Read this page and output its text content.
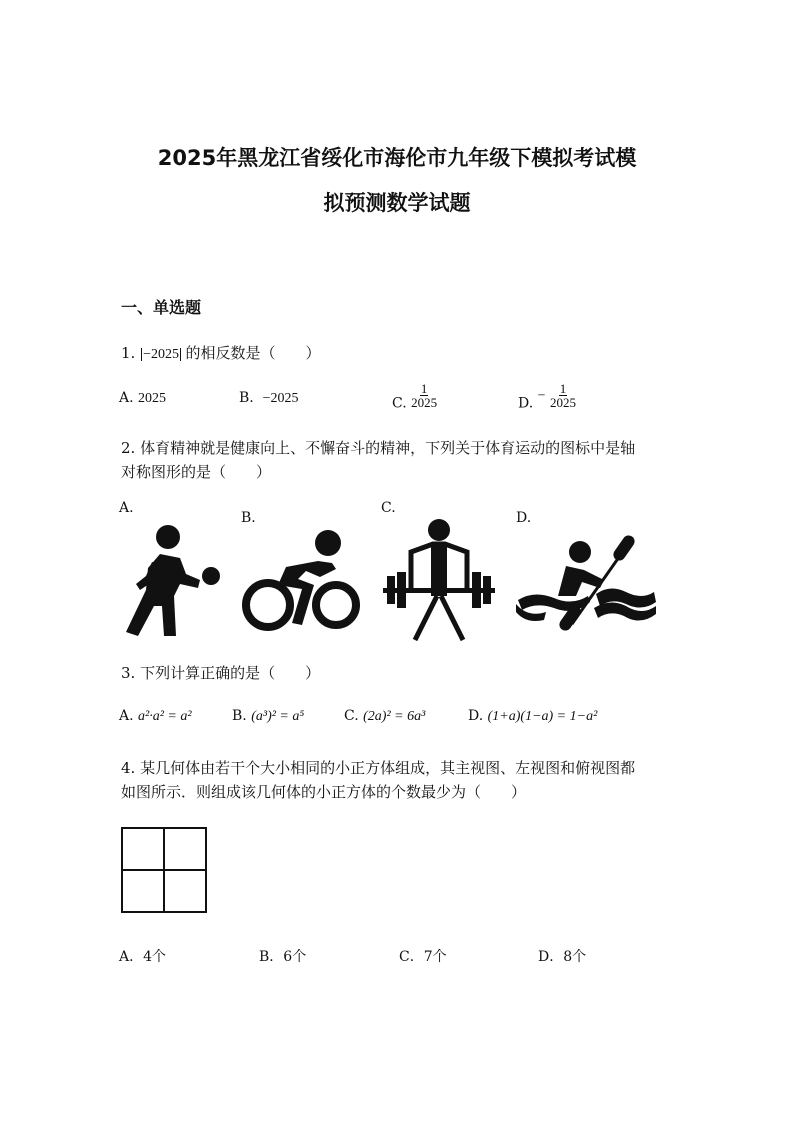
2025年黑龙江省绥化市海伦市九年级下模拟考试模
拟预测数学试题
一、单选题
1. −2025 的相反数是（　　）
A. 2025	B. −2025	C. $\frac{1}{2025}$	D. − $\frac{1}{2025}$
2. 体育精神就是健康向上、不懈奋斗的精神，下列关于体育运动的图标中是轴
对称图形的是（　　）
A.
B.
C.
D.
3. 下列计算正确的是（　　）
A. a²·a² = a²	B. (a³)² = a⁵	C. (2a)² = 6a³	D. (1+a)(1−a) = 1−a²
4. 某几何体由若干个大小相同的小正方体组成，其主视图、左视图和俯视图都
如图所示．则组成该几何体的小正方体的个数最少为（　　）
A．4个	B．6个	C．7个	D．8个
